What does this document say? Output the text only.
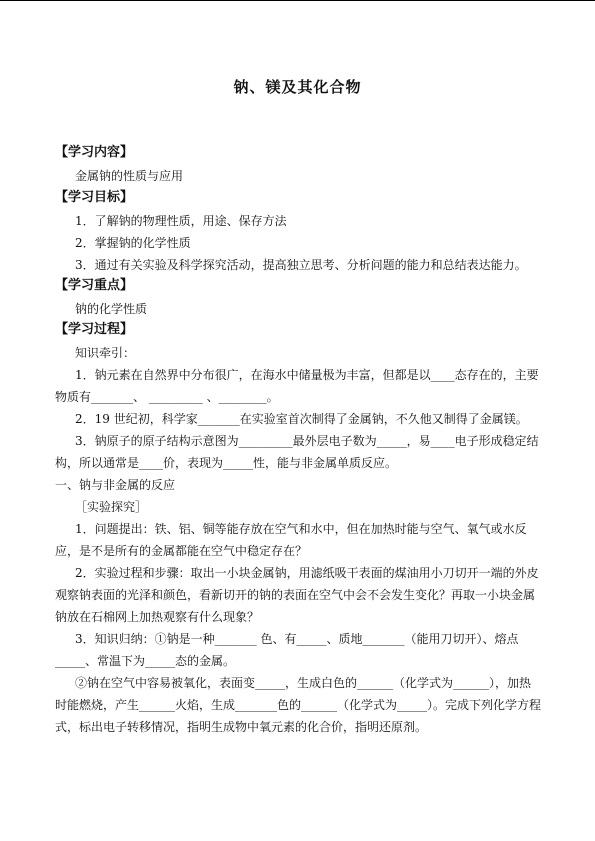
钠、镁及其化合物
【学习内容】
金属钠的性质与应用
【学习目标】
1．了解钠的物理性质，用途、保存方法
2．掌握钠的化学性质
3．通过有关实验及科学探究活动，提高独立思考、分析问题的能力和总结表达能力。
【学习重点】
钠的化学性质
【学习过程】
知识牵引：
1．钠元素在自然界中分布很广，在海水中储量极为丰富，但都是以____态存在的，主要
物质有_______、 _________ 、________。
2．19 世纪初，科学家_______在实验室首次制得了金属钠，不久他又制得了金属镁。
3．钠原子的原子结构示意图为_________最外层电子数为_____，易____电子形成稳定结
构，所以通常是____价，表现为_____性，能与非金属单质反应。
一、钠与非金属的反应
［实验探究］
1．问题提出：铁、铝、铜等能存放在空气和水中，但在加热时能与空气、氧气或水反
应，是不是所有的金属都能在空气中稳定存在？
2．实验过程和步骤：取出一小块金属钠，用滤纸吸干表面的煤油用小刀切开一端的外皮
观察钠表面的光泽和颜色，看新切开的钠的表面在空气中会不会发生变化？再取一小块金属
钠放在石棉网上加热观察有什么现象？
3．知识归纳：①钠是一种_______ 色、有_____、质地_______（能用刀切开）、熔点
_____、常温下为_____态的金属。
②钠在空气中容易被氧化，表面变_____，生成白色的______（化学式为______），加热
时能燃烧，产生______火焰，生成_______色的______（化学式为_____）。完成下列化学方程
式，标出电子转移情况，指明生成物中氧元素的化合价，指明还原剂。
